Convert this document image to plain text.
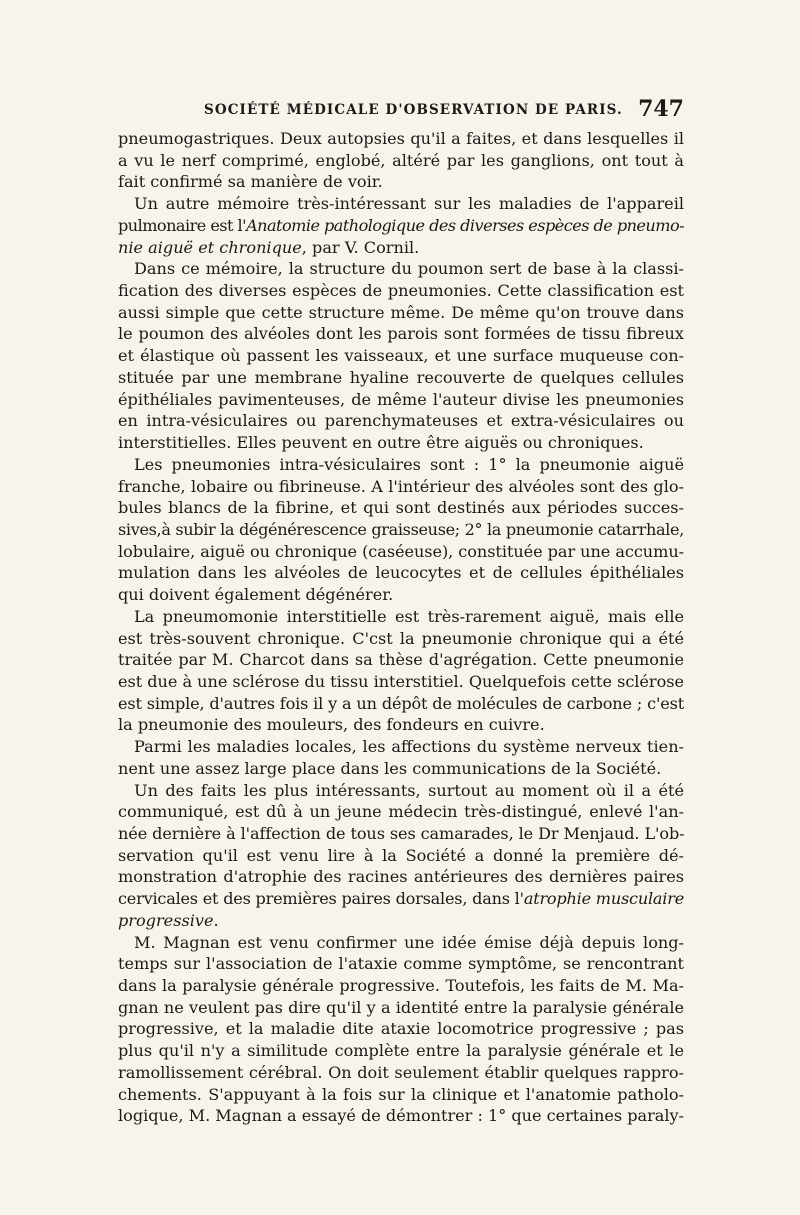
SOCIÉTÉ MÉDICALE D'OBSERVATION DE PARIS. 747
pneumogastriques. Deux autopsies qu'il a faites, et dans lesquelles il
a vu le nerf comprimé, englobé, altéré par les ganglions, ont tout à
fait confirmé sa manière de voir.
Un autre mémoire très-intéressant sur les maladies de l'appareil
pulmonaire est l'Anatomie pathologique des diverses espèces de pneumo-
nie aiguë et chronique, par V. Cornil.
Dans ce mémoire, la structure du poumon sert de base à la classi-
fication des diverses espèces de pneumonies. Cette classification est
aussi simple que cette structure même. De même qu'on trouve dans
le poumon des alvéoles dont les parois sont formées de tissu fibreux
et élastique où passent les vaisseaux, et une surface muqueuse con-
stituée par une membrane hyaline recouverte de quelques cellules
épithéliales pavimenteuses, de même l'auteur divise les pneumonies
en intra-vésiculaires ou parenchymateuses et extra-vésiculaires ou
interstitielles. Elles peuvent en outre être aiguës ou chroniques.
Les pneumonies intra-vésiculaires sont : 1° la pneumonie aiguë
franche, lobaire ou fibrineuse. A l'intérieur des alvéoles sont des glo-
bules blancs de la fibrine, et qui sont destinés aux périodes succes-
sives,à subir la dégénérescence graisseuse; 2° la pneumonie catarrhale,
lobulaire, aiguë ou chronique (caséeuse), constituée par une accumu-
mulation dans les alvéoles de leucocytes et de cellules épithéliales
qui doivent également dégénérer.
La pneumomonie interstitielle est très-rarement aiguë, mais elle
est très-souvent chronique. C'cst la pneumonie chronique qui a été
traitée par M. Charcot dans sa thèse d'agrégation. Cette pneumonie
est due à une sclérose du tissu interstitiel. Quelquefois cette sclérose
est simple, d'autres fois il y a un dépôt de molécules de carbone ; c'est
la pneumonie des mouleurs, des fondeurs en cuivre.
Parmi les maladies locales, les affections du système nerveux tien-
nent une assez large place dans les communications de la Société.
Un des faits les plus intéressants, surtout au moment où il a été
communiqué, est dû à un jeune médecin très-distingué, enlevé l'an-
née dernière à l'affection de tous ses camarades, le Dr Menjaud. L'ob-
servation qu'il est venu lire à la Société a donné la première dé-
monstration d'atrophie des racines antérieures des dernières paires
cervicales et des premières paires dorsales, dans l'atrophie musculaire
progressive.
M. Magnan est venu confirmer une idée émise déjà depuis long-
temps sur l'association de l'ataxie comme symptôme, se rencontrant
dans la paralysie générale progressive. Toutefois, les faits de M. Ma-
gnan ne veulent pas dire qu'il y a identité entre la paralysie générale
progressive, et la maladie dite ataxie locomotrice progressive ; pas
plus qu'il n'y a similitude complète entre la paralysie générale et le
ramollissement cérébral. On doit seulement établir quelques rappro-
chements. S'appuyant à la fois sur la clinique et l'anatomie patholo-
logique, M. Magnan a essayé de démontrer : 1° que certaines paraly-
